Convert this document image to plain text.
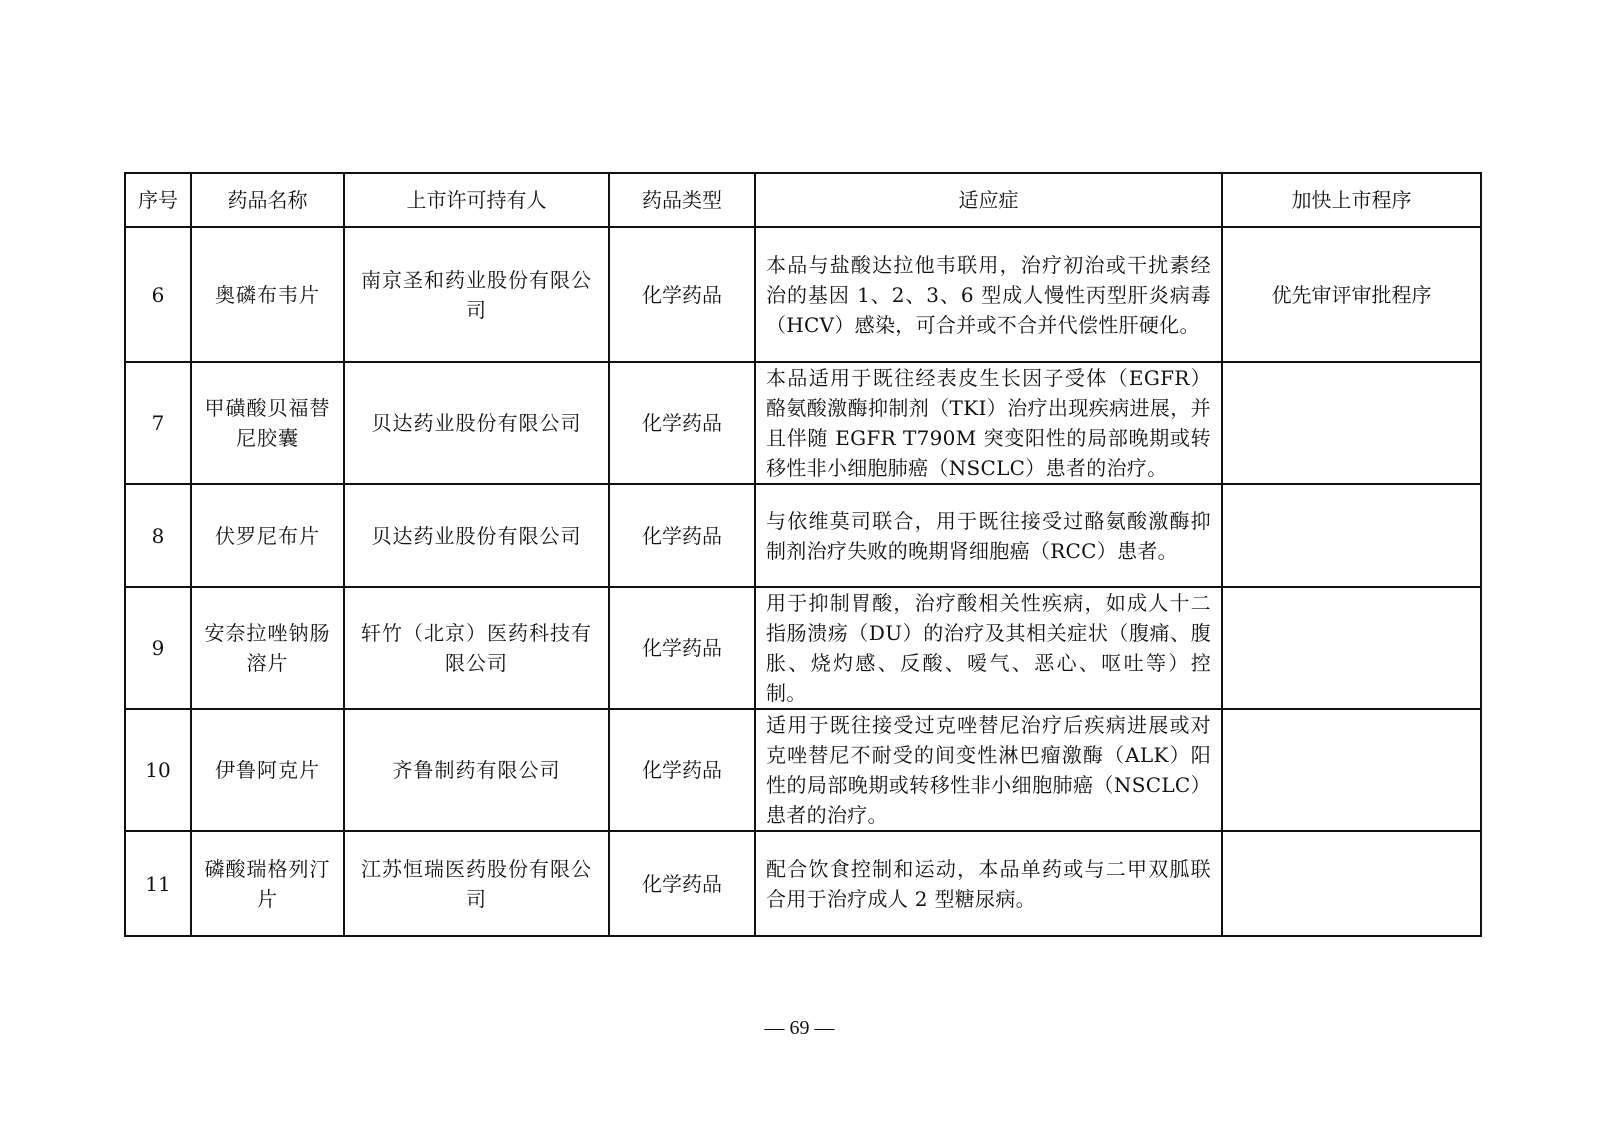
序号	药品名称	上市许可持有人	药品类型	适应症	加快上市程序
6	奥磷布韦片	南京圣和药业股份有限公司	化学药品	本品与盐酸达拉他韦联用，治疗初治或干扰素经治的基因 1、2、3、6 型成人慢性丙型肝炎病毒（HCV）感染，可合并或不合并代偿性肝硬化。	优先审评审批程序
7	甲磺酸贝福替尼胶囊	贝达药业股份有限公司	化学药品	本品适用于既往经表皮生长因子受体（EGFR）酪氨酸激酶抑制剂（TKI）治疗出现疾病进展，并且伴随 EGFR T790M 突变阳性的局部晚期或转移性非小细胞肺癌（NSCLC）患者的治疗。	
8	伏罗尼布片	贝达药业股份有限公司	化学药品	与依维莫司联合，用于既往接受过酪氨酸激酶抑制剂治疗失败的晚期肾细胞癌（RCC）患者。	
9	安奈拉唑钠肠溶片	轩竹（北京）医药科技有限公司	化学药品	用于抑制胃酸，治疗酸相关性疾病，如成人十二指肠溃疡（DU）的治疗及其相关症状（腹痛、腹胀、烧灼感、反酸、嗳气、恶心、呕吐等）控制。	
10	伊鲁阿克片	齐鲁制药有限公司	化学药品	适用于既往接受过克唑替尼治疗后疾病进展或对克唑替尼不耐受的间变性淋巴瘤激酶（ALK）阳性的局部晚期或转移性非小细胞肺癌（NSCLC）患者的治疗。	
11	磷酸瑞格列汀片	江苏恒瑞医药股份有限公司	化学药品	配合饮食控制和运动，本品单药或与二甲双胍联合用于治疗成人 2 型糖尿病。	
— 69 —
